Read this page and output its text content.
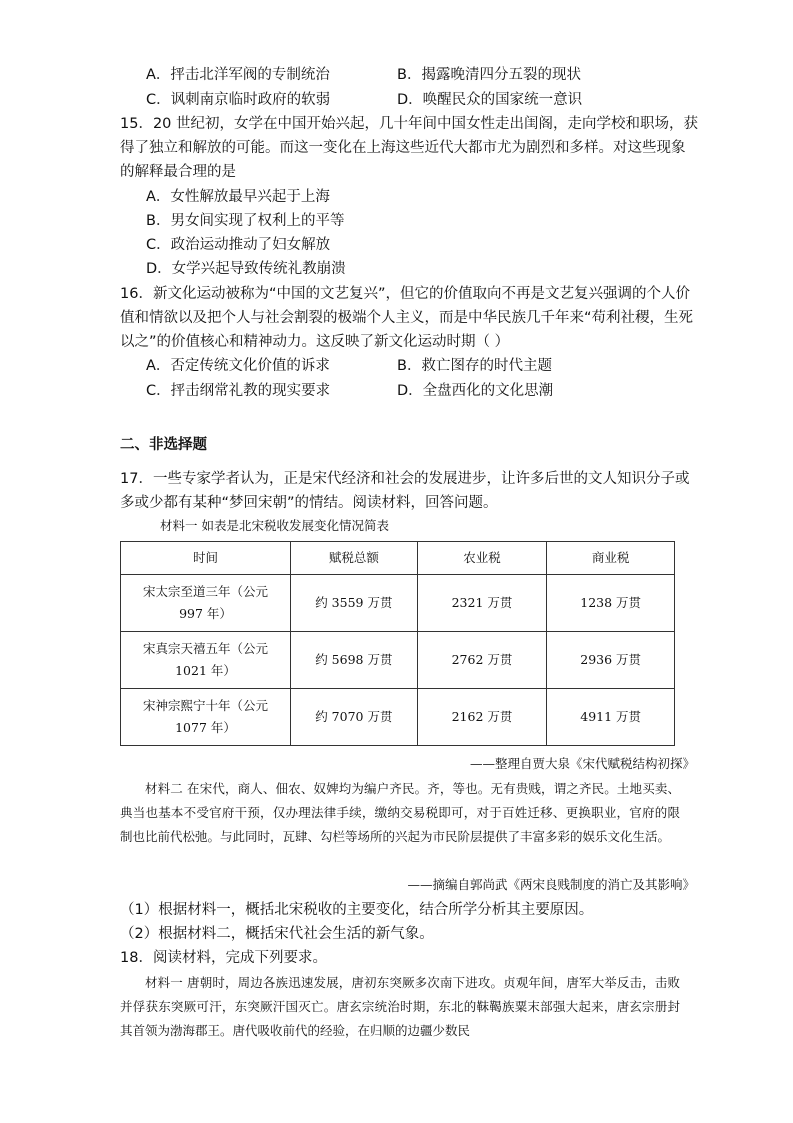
A．抨击北洋军阀的专制统治	B．揭露晚清四分五裂的现状
C．讽刺南京临时政府的软弱	D．唤醒民众的国家统一意识
15．20 世纪初，女学在中国开始兴起，几十年间中国女性走出闺阁，走向学校和职场，获
得了独立和解放的可能。而这一变化在上海这些近代大都市尤为剧烈和多样。对这些现象
的解释最合理的是
A．女性解放最早兴起于上海
B．男女间实现了权利上的平等
C．政治运动推动了妇女解放
D．女学兴起导致传统礼教崩溃
16．新文化运动被称为“中国的文艺复兴”，但它的价值取向不再是文艺复兴强调的个人价
值和情欲以及把个人与社会割裂的极端个人主义，而是中华民族几千年来“苟利社稷，生死
以之”的价值核心和精神动力。这反映了新文化运动时期（ ）
A．否定传统文化价值的诉求	B．救亡图存的时代主题
C．抨击纲常礼教的现实要求	D．全盘西化的文化思潮
二、非选择题
17．一些专家学者认为，正是宋代经济和社会的发展进步，让许多后世的文人知识分子或
多或少都有某种“梦回宋朝”的情结。阅读材料，回答问题。
材料一 如表是北宋税收发展变化情况简表
时间	赋税总额	农业税	商业税
宋太宗至道三年（公元
997 年）	约 3559 万贯	2321 万贯	1238 万贯
宋真宗天禧五年（公元
1021 年）	约 5698 万贯	2762 万贯	2936 万贯
宋神宗熙宁十年（公元
1077 年）	约 7070 万贯	2162 万贯	4911 万贯
——整理自贾大泉《宋代赋税结构初探》
材料二 在宋代，商人、佃农、奴婢均为编户齐民。齐，等也。无有贵贱，谓之齐民。土地买卖、典当也基本不受官府干预，仅办理法律手续，缴纳交易税即可，对于百姓迁移、更换职业，官府的限制也比前代松弛。与此同时，瓦肆、勾栏等场所的兴起为市民阶层提供了丰富多彩的娱乐文化生活。
——摘编自郭尚武《两宋良贱制度的消亡及其影响》
（1）根据材料一，概括北宋税收的主要变化，结合所学分析其主要原因。
（2）根据材料二，概括宋代社会生活的新气象。
18．阅读材料，完成下列要求。
材料一 唐朝时，周边各族迅速发展，唐初东突厥多次南下进攻。贞观年间，唐军大举反击，击败并俘获东突厥可汗，东突厥汗国灭亡。唐玄宗统治时期，东北的靺鞨族粟末部强大起来，唐玄宗册封其首领为渤海郡王。唐代吸收前代的经验，在归顺的边疆少数民
